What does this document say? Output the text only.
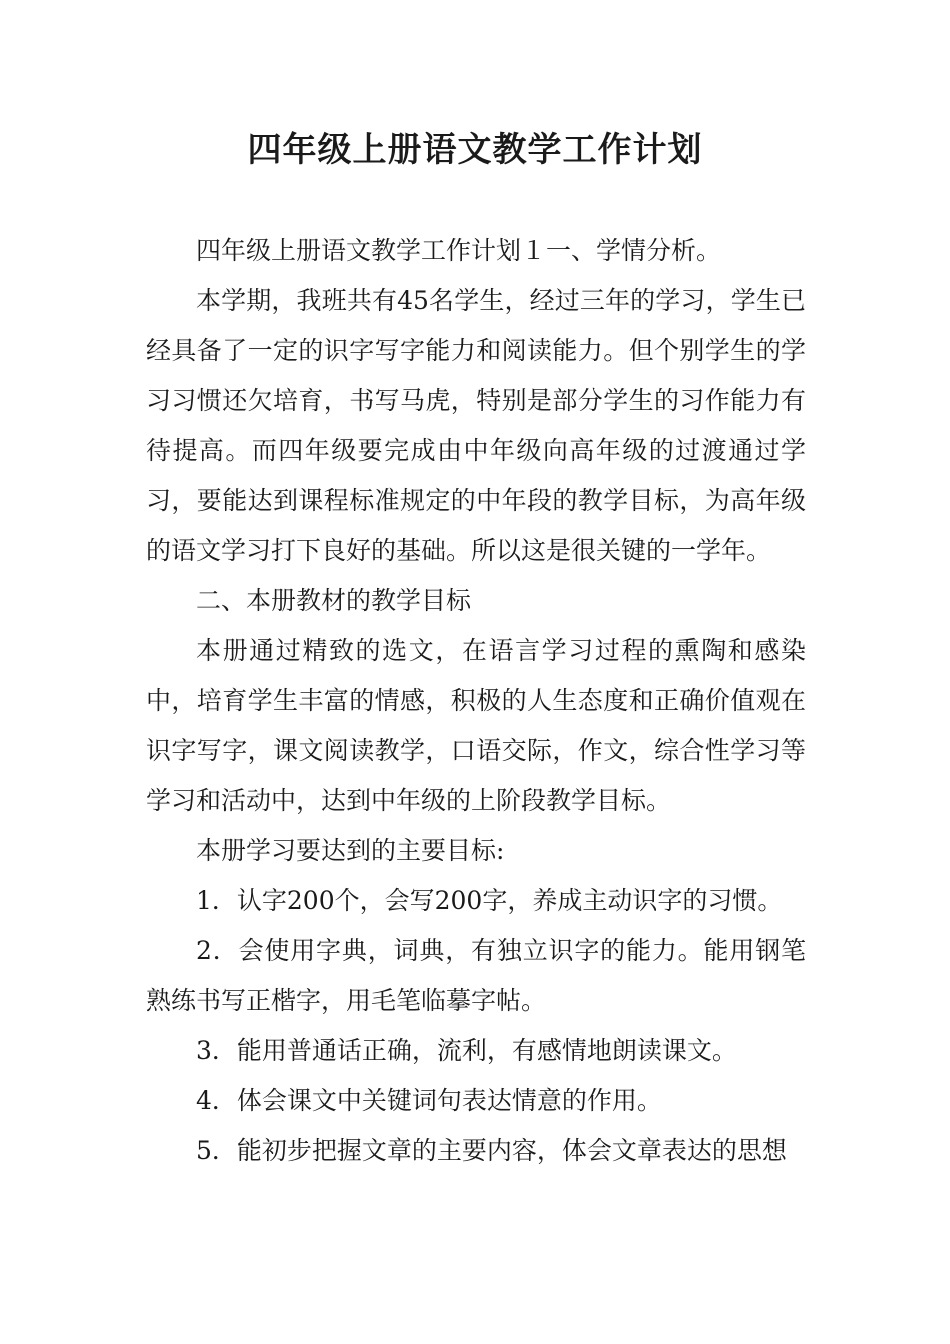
四年级上册语文教学工作计划

四年级上册语文教学工作计划１一、学情分析。

本学期，我班共有45名学生，经过三年的学习，学生已经具备了一定的识字写字能力和阅读能力。但个别学生的学习习惯还欠培育，书写马虎，特别是部分学生的习作能力有待提高。而四年级要完成由中年级向高年级的过渡通过学习，要能达到课程标准规定的中年段的教学目标，为高年级的语文学习打下良好的基础。所以这是很关键的一学年。

二、本册教材的教学目标

本册通过精致的选文，在语言学习过程的熏陶和感染中，培育学生丰富的情感，积极的人生态度和正确价值观在识字写字，课文阅读教学，口语交际，作文，综合性学习等学习和活动中，达到中年级的上阶段教学目标。

本册学习要达到的主要目标:

1．认字200个，会写200字，养成主动识字的习惯。

2．会使用字典，词典，有独立识字的能力。能用钢笔熟练书写正楷字，用毛笔临摹字帖。

3．能用普通话正确，流利，有感情地朗读课文。

4．体会课文中关键词句表达情意的作用。

5．能初步把握文章的主要内容，体会文章表达的思想
